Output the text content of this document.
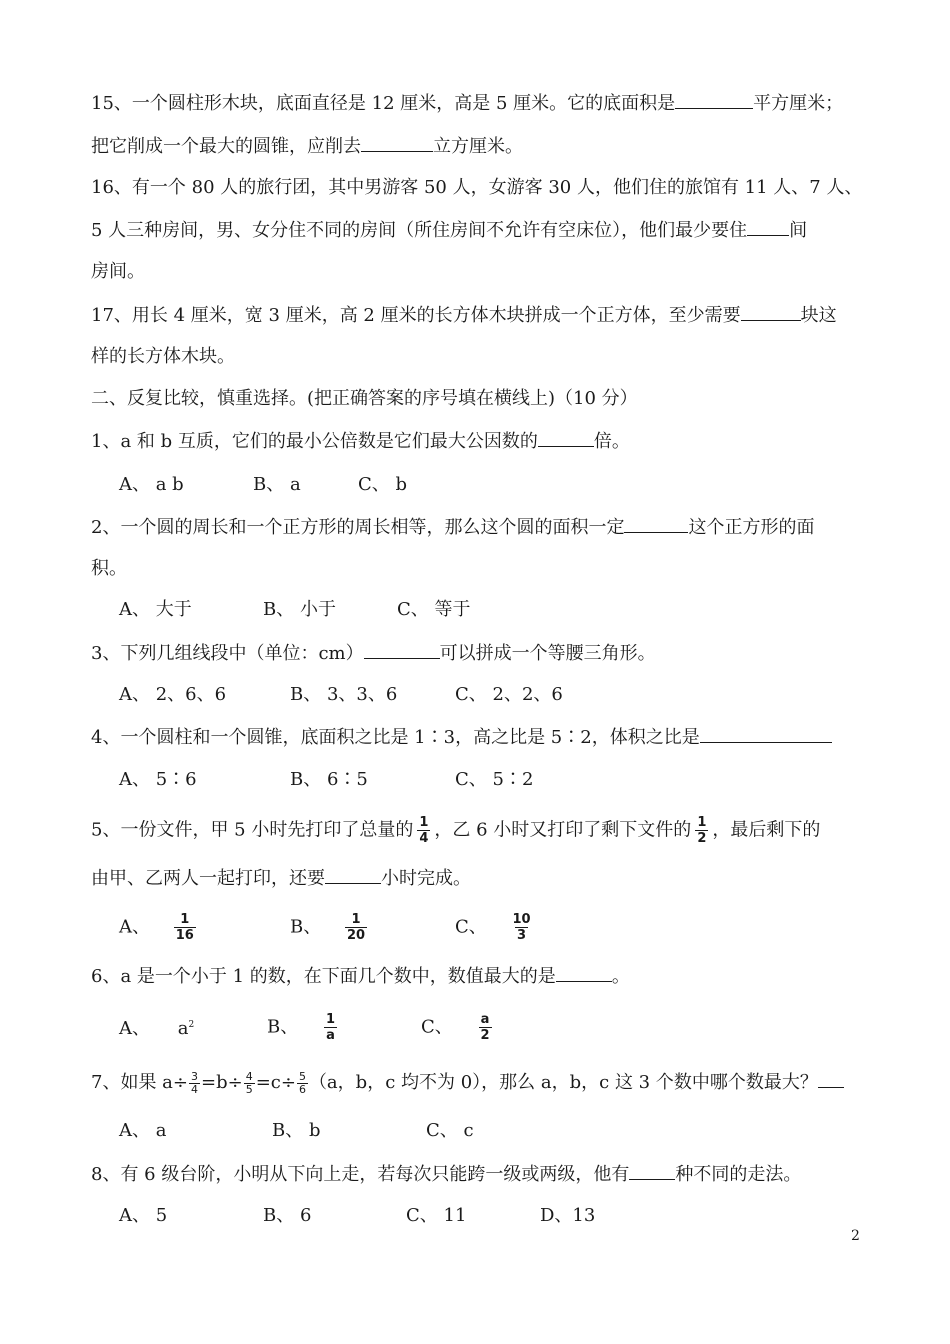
15、一个圆柱形木块，底面直径是 12 厘米，高是 5 厘米。它的底面积是	平方厘米；
把它削成一个最大的圆锥，应削去	立方厘米。
16、有一个 80 人的旅行团，其中男游客 50 人，女游客 30 人，他们住的旅馆有 11 人、7 人、
5 人三种房间，男、女分住不同的房间（所住房间不允许有空床位），他们最少要住 间
房间。
17、用长 4 厘米，宽 3 厘米，高 2 厘米的长方体木块拼成一个正方体，至少需要	块这
样的长方体木块。
二、反复比较，慎重选择。(把正确答案的序号填在横线上)（10 分）
1、a 和 b 互质，它们的最小公倍数是它们最大公因数的	倍。
A、 a b	B、 a	C、 b
2、一个圆的周长和一个正方形的周长相等，那么这个圆的面积一定	这个正方形的面
积。
A、 大于	B、 小于	C、 等于
3、下列几组线段中（单位：cm）	可以拼成一个等腰三角形。
A、 2、6、6	B、 3、3、6	C、 2、2、6
4、一个圆柱和一个圆锥，底面积之比是 1∶3，高之比是 5∶2，体积之比是
A、 5∶6	B、 6∶5	C、 5∶2
5、一份文件，甲 5 小时先打印了总量的 $\frac{1}{4}$ ，乙 6 小时又打印了剩下文件的 $\frac{1}{2}$ ，最后剩下的
由甲、乙两人一起打印，还要	小时完成。
A、 $\frac{1}{16}$	B、 $\frac{1}{20}$	C、 $\frac{10}{3}$
6、a 是一个小于 1 的数，在下面几个数中，数值最大的是	。
A、 $a^2$	B、 $\frac{1}{a}$	C、 $\frac{a}{2}$
7、如果 $a\div \frac{3}{4} =b\div \frac{4}{5} =c\div \frac{5}{6} (a$，b，c 均不为 0），那么 a，b，c 这 3 个数中哪个数最大？
A、 a	B、 b	C、 c
8、有 6 级台阶，小明从下向上走，若每次只能跨一级或两级，他有	种不同的走法。
A、 5	B、 6	C、 11	D、13
2
